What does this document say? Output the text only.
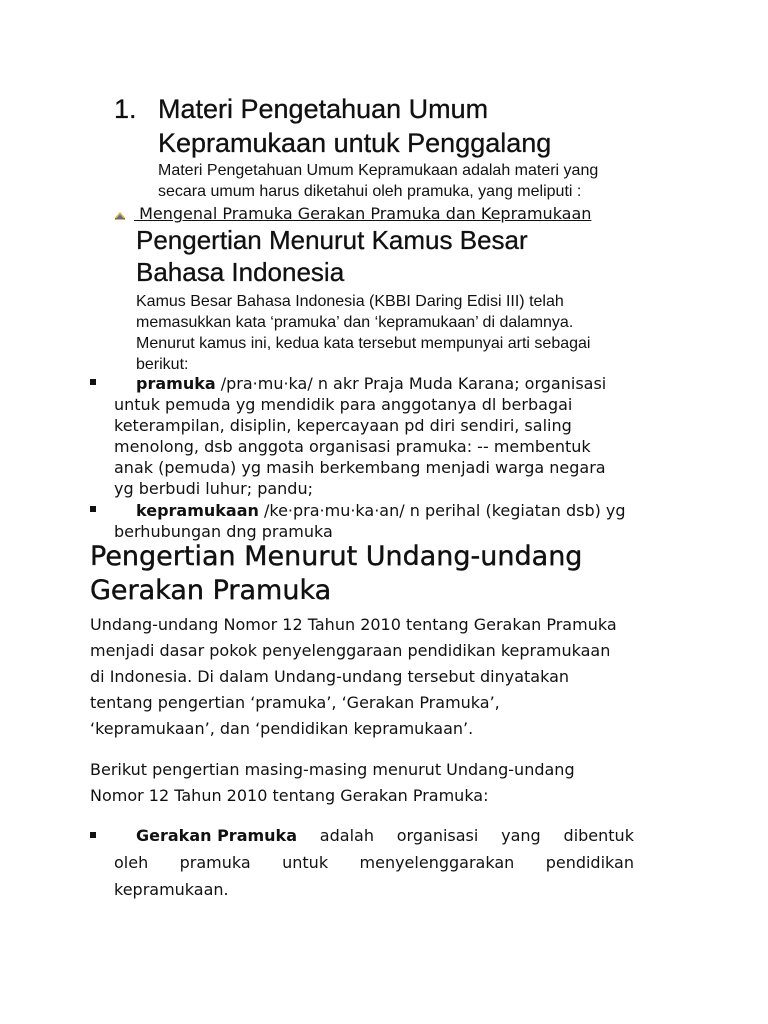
1. Materi Pengetahuan Umum
Kepramukaan untuk Penggalang
Materi Pengetahuan Umum Kepramukaan adalah materi yang
secara umum harus diketahui oleh pramuka, yang meliputi :
Mengenal Pramuka Gerakan Pramuka dan Kepramukaan
Pengertian Menurut Kamus Besar
Bahasa Indonesia
Kamus Besar Bahasa Indonesia (KBBI Daring Edisi III) telah
memasukkan kata ‘pramuka’ dan ‘kepramukaan’ di dalamnya.
Menurut kamus ini, kedua kata tersebut mempunyai arti sebagai
berikut:
pramuka /pra·mu·ka/ n akr Praja Muda Karana; organisasi
untuk pemuda yg mendidik para anggotanya dl berbagai
keterampilan, disiplin, kepercayaan pd diri sendiri, saling
menolong, dsb anggota organisasi pramuka: -- membentuk
anak (pemuda) yg masih berkembang menjadi warga negara
yg berbudi luhur; pandu;
kepramukaan /ke·pra·mu·ka·an/ n perihal (kegiatan dsb) yg
berhubungan dng pramuka
Pengertian Menurut Undang-undang
Gerakan Pramuka
Undang-undang Nomor 12 Tahun 2010 tentang Gerakan Pramuka
menjadi dasar pokok penyelenggaraan pendidikan kepramukaan
di Indonesia. Di dalam Undang-undang tersebut dinyatakan
tentang pengertian ‘pramuka’, ‘Gerakan Pramuka’,
‘kepramukaan’, dan ‘pendidikan kepramukaan’.
Berikut pengertian masing-masing menurut Undang-undang
Nomor 12 Tahun 2010 tentang Gerakan Pramuka:
Gerakan Pramuka adalah organisasi yang dibentuk
oleh pramuka untuk menyelenggarakan pendidikan
kepramukaan.
